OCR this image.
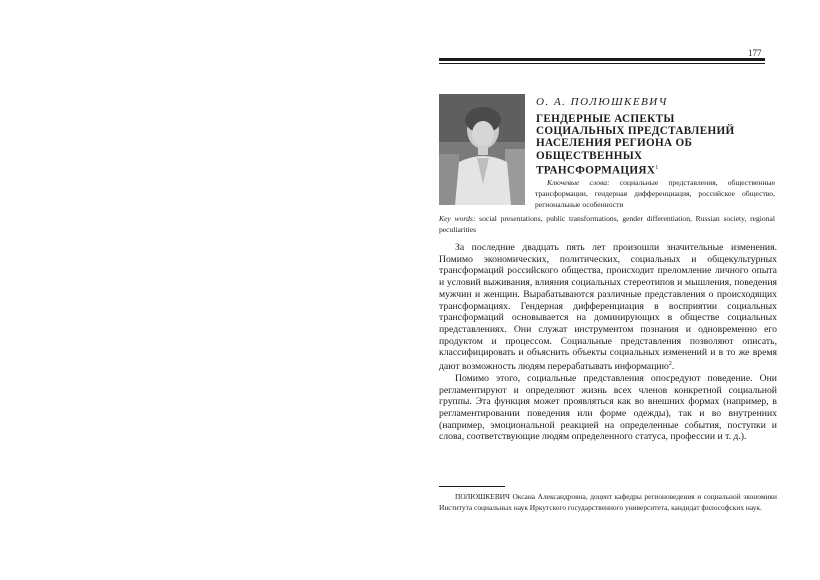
177
О. А. ПОЛЮШКЕВИЧ
ГЕНДЕРНЫЕ АСПЕКТЫ СОЦИАЛЬНЫХ ПРЕДСТАВЛЕНИЙ НАСЕЛЕНИЯ РЕГИОНА ОБ ОБЩЕСТВЕННЫХ ТРАНСФОРМАЦИЯХ$^1$
Ключевые слова: социальные представления, общественные трансформации, гендерная дифференциация, российское общество, региональные особенности
Key words: social presentations, public transformations, gender differentiation, Russian society, regional peculiarities

За последние двадцать пять лет произошли значительные изменения. Помимо экономических, политических, социальных и общекультурных трансформаций российского общества, происходит преломление личного опыта и условий выживания, влияния социальных стереотипов и мышления, поведения мужчин и женщин. Вырабатываются различные представления о происходящих трансформациях. Гендерная дифференциация в восприятии социальных трансформаций основывается на доминирующих в обществе социальных представлениях. Они служат инструментом познания и одновременно его продуктом и процессом. Социальные представления позволяют описать, классифицировать и объяснить объекты социальных изменений и в то же время дают возможность людям перерабатывать информацию$^2$.

Помимо этого, социальные представления опосредуют поведение. Они регламентируют и определяют жизнь всех членов конкретной социальной группы. Эта функция может проявляться как во внешних формах (например, в регламентировании поведения или форме одежды), так и во внутренних (например, эмоциональной реакцией на определенные события, поступки и слова, соответствующие людям определенного статуса, профессии и т. д.).

ПОЛЮШКЕВИЧ Оксана Александровна, доцент кафедры регионоведения и социальной экономики Института социальных наук Иркутского государственного университета, кандидат философских наук.
